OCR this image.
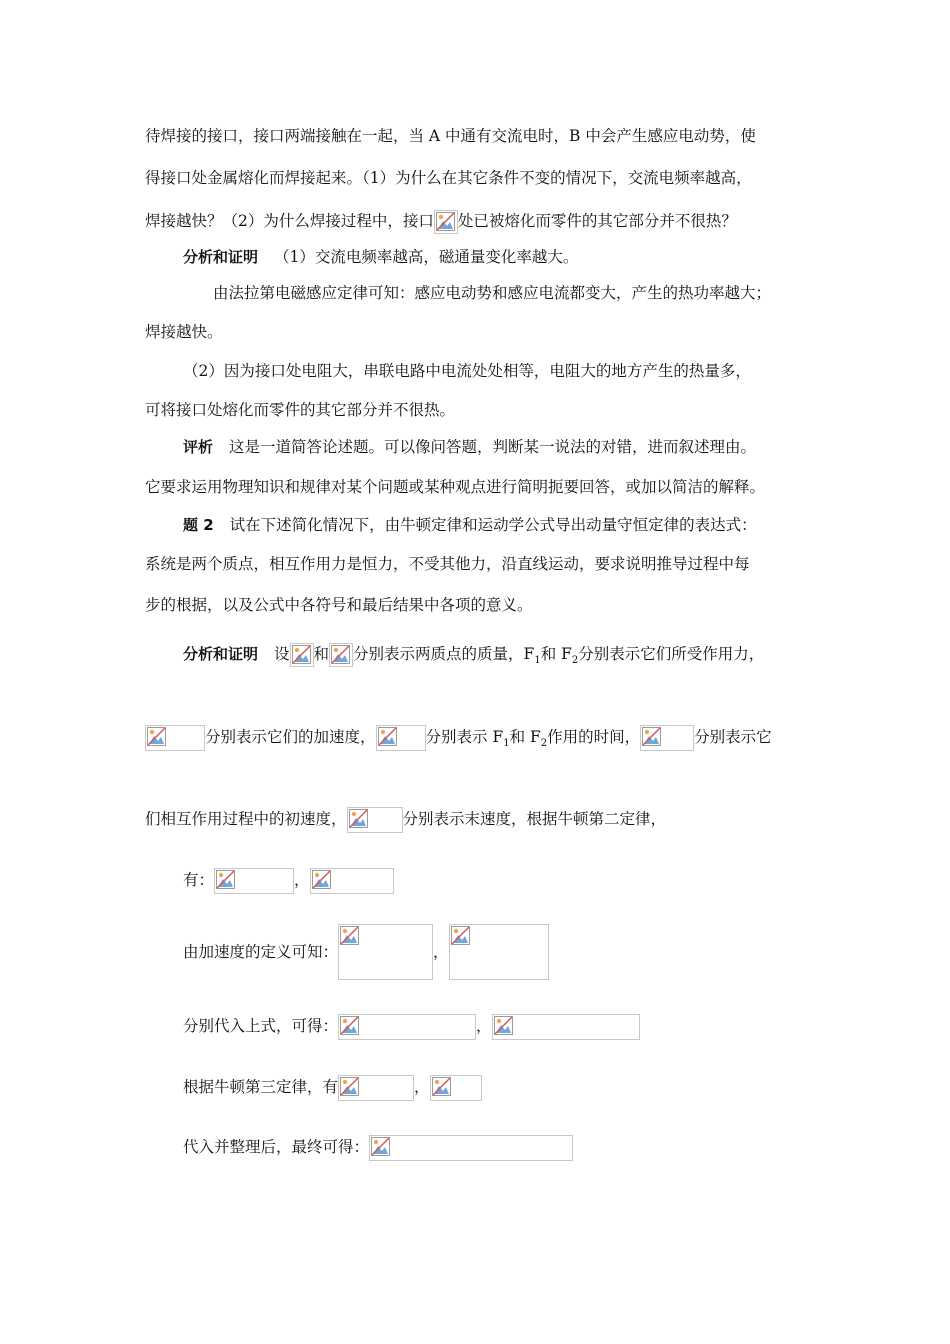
待焊接的接口，接口两端接触在一起，当 A 中通有交流电时，B 中会产生感应电动势，使
得接口处金属熔化而焊接起来。（1）为什么在其它条件不变的情况下，交流电频率越高，
焊接越快？（2）为什么焊接过程中，接口 处已被熔化而零件的其它部分并不很热？
分析和证明 （1）交流电频率越高，磁通量变化率越大。
由法拉第电磁感应定律可知：感应电动势和感应电流都变大，产生的热功率越大；
焊接越快。
（2）因为接口处电阻大，串联电路中电流处处相等，电阻大的地方产生的热量多，
可将接口处熔化而零件的其它部分并不很热。
评析 这是一道简答论述题。可以像问答题，判断某一说法的对错，进而叙述理由。
它要求运用物理知识和规律对某个问题或某种观点进行简明扼要回答，或加以简洁的解释。
题 2 试在下述简化情况下，由牛顿定律和运动学公式导出动量守恒定律的表达式：
系统是两个质点，相互作用力是恒力，不受其他力，沿直线运动，要求说明推导过程中每
步的根据，以及公式中各符号和最后结果中各项的意义。
分析和证明 设 和 分别表示两质点的质量，$F_1$和 $F_2$分别表示它们所受作用力，
分别表示它们的加速度，	分别表示 $F_1$和 $F_2$作用的时间，	分别表示它
们相互作用过程中的初速度，	分别表示末速度，根据牛顿第二定律，
有：	，
由加速度的定义可知：	，
分别代入上式，可得：	，
根据牛顿第三定律，有	，
代入并整理后，最终可得：
